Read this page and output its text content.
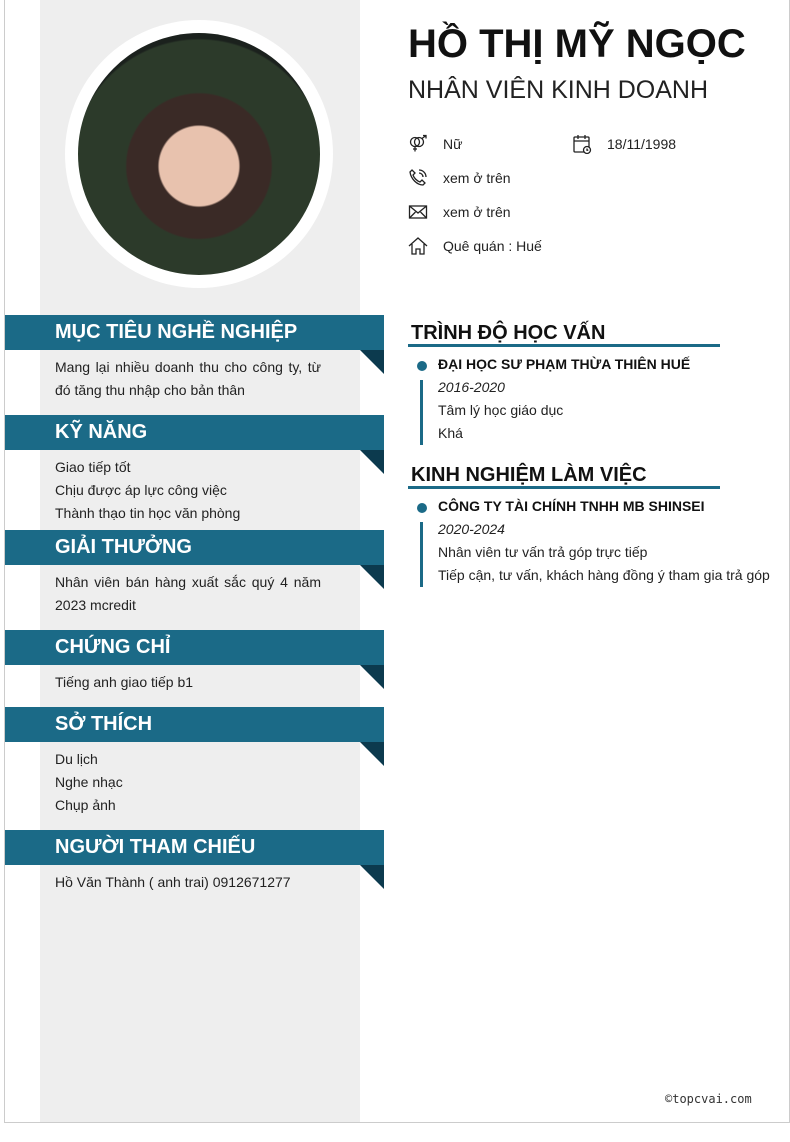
HỒ THỊ MỸ NGỌC
NHÂN VIÊN KINH DOANH
Nữ	18/11/1998
xem ở trên
xem ở trên
Quê quán : Huế
MỤC TIÊU NGHỀ NGHIỆP
Mang lại nhiều doanh thu cho công ty, từ đó tăng thu nhập cho bản thân
KỸ NĂNG
Giao tiếp tốt
Chịu được áp lực công việc
Thành thạo tin học văn phòng
GIẢI THƯỞNG
Nhân viên bán hàng xuất sắc quý 4 năm 2023 mcredit
CHỨNG CHỈ
Tiếng anh giao tiếp b1
SỞ THÍCH
Du lịch
Nghe nhạc
Chụp ảnh
NGƯỜI THAM CHIẾU
Hồ Văn Thành ( anh trai) 0912671277
TRÌNH ĐỘ HỌC VẤN
ĐẠI HỌC SƯ PHẠM THỪA THIÊN HUẾ
2016-2020
Tâm lý học giáo dục
Khá
KINH NGHIỆM LÀM VIỆC
CÔNG TY TÀI CHÍNH TNHH MB SHINSEI
2020-2024
Nhân viên tư vấn trả góp trực tiếp
Tiếp cận, tư vấn, khách hàng đồng ý tham gia trả góp
©topcvai.com
